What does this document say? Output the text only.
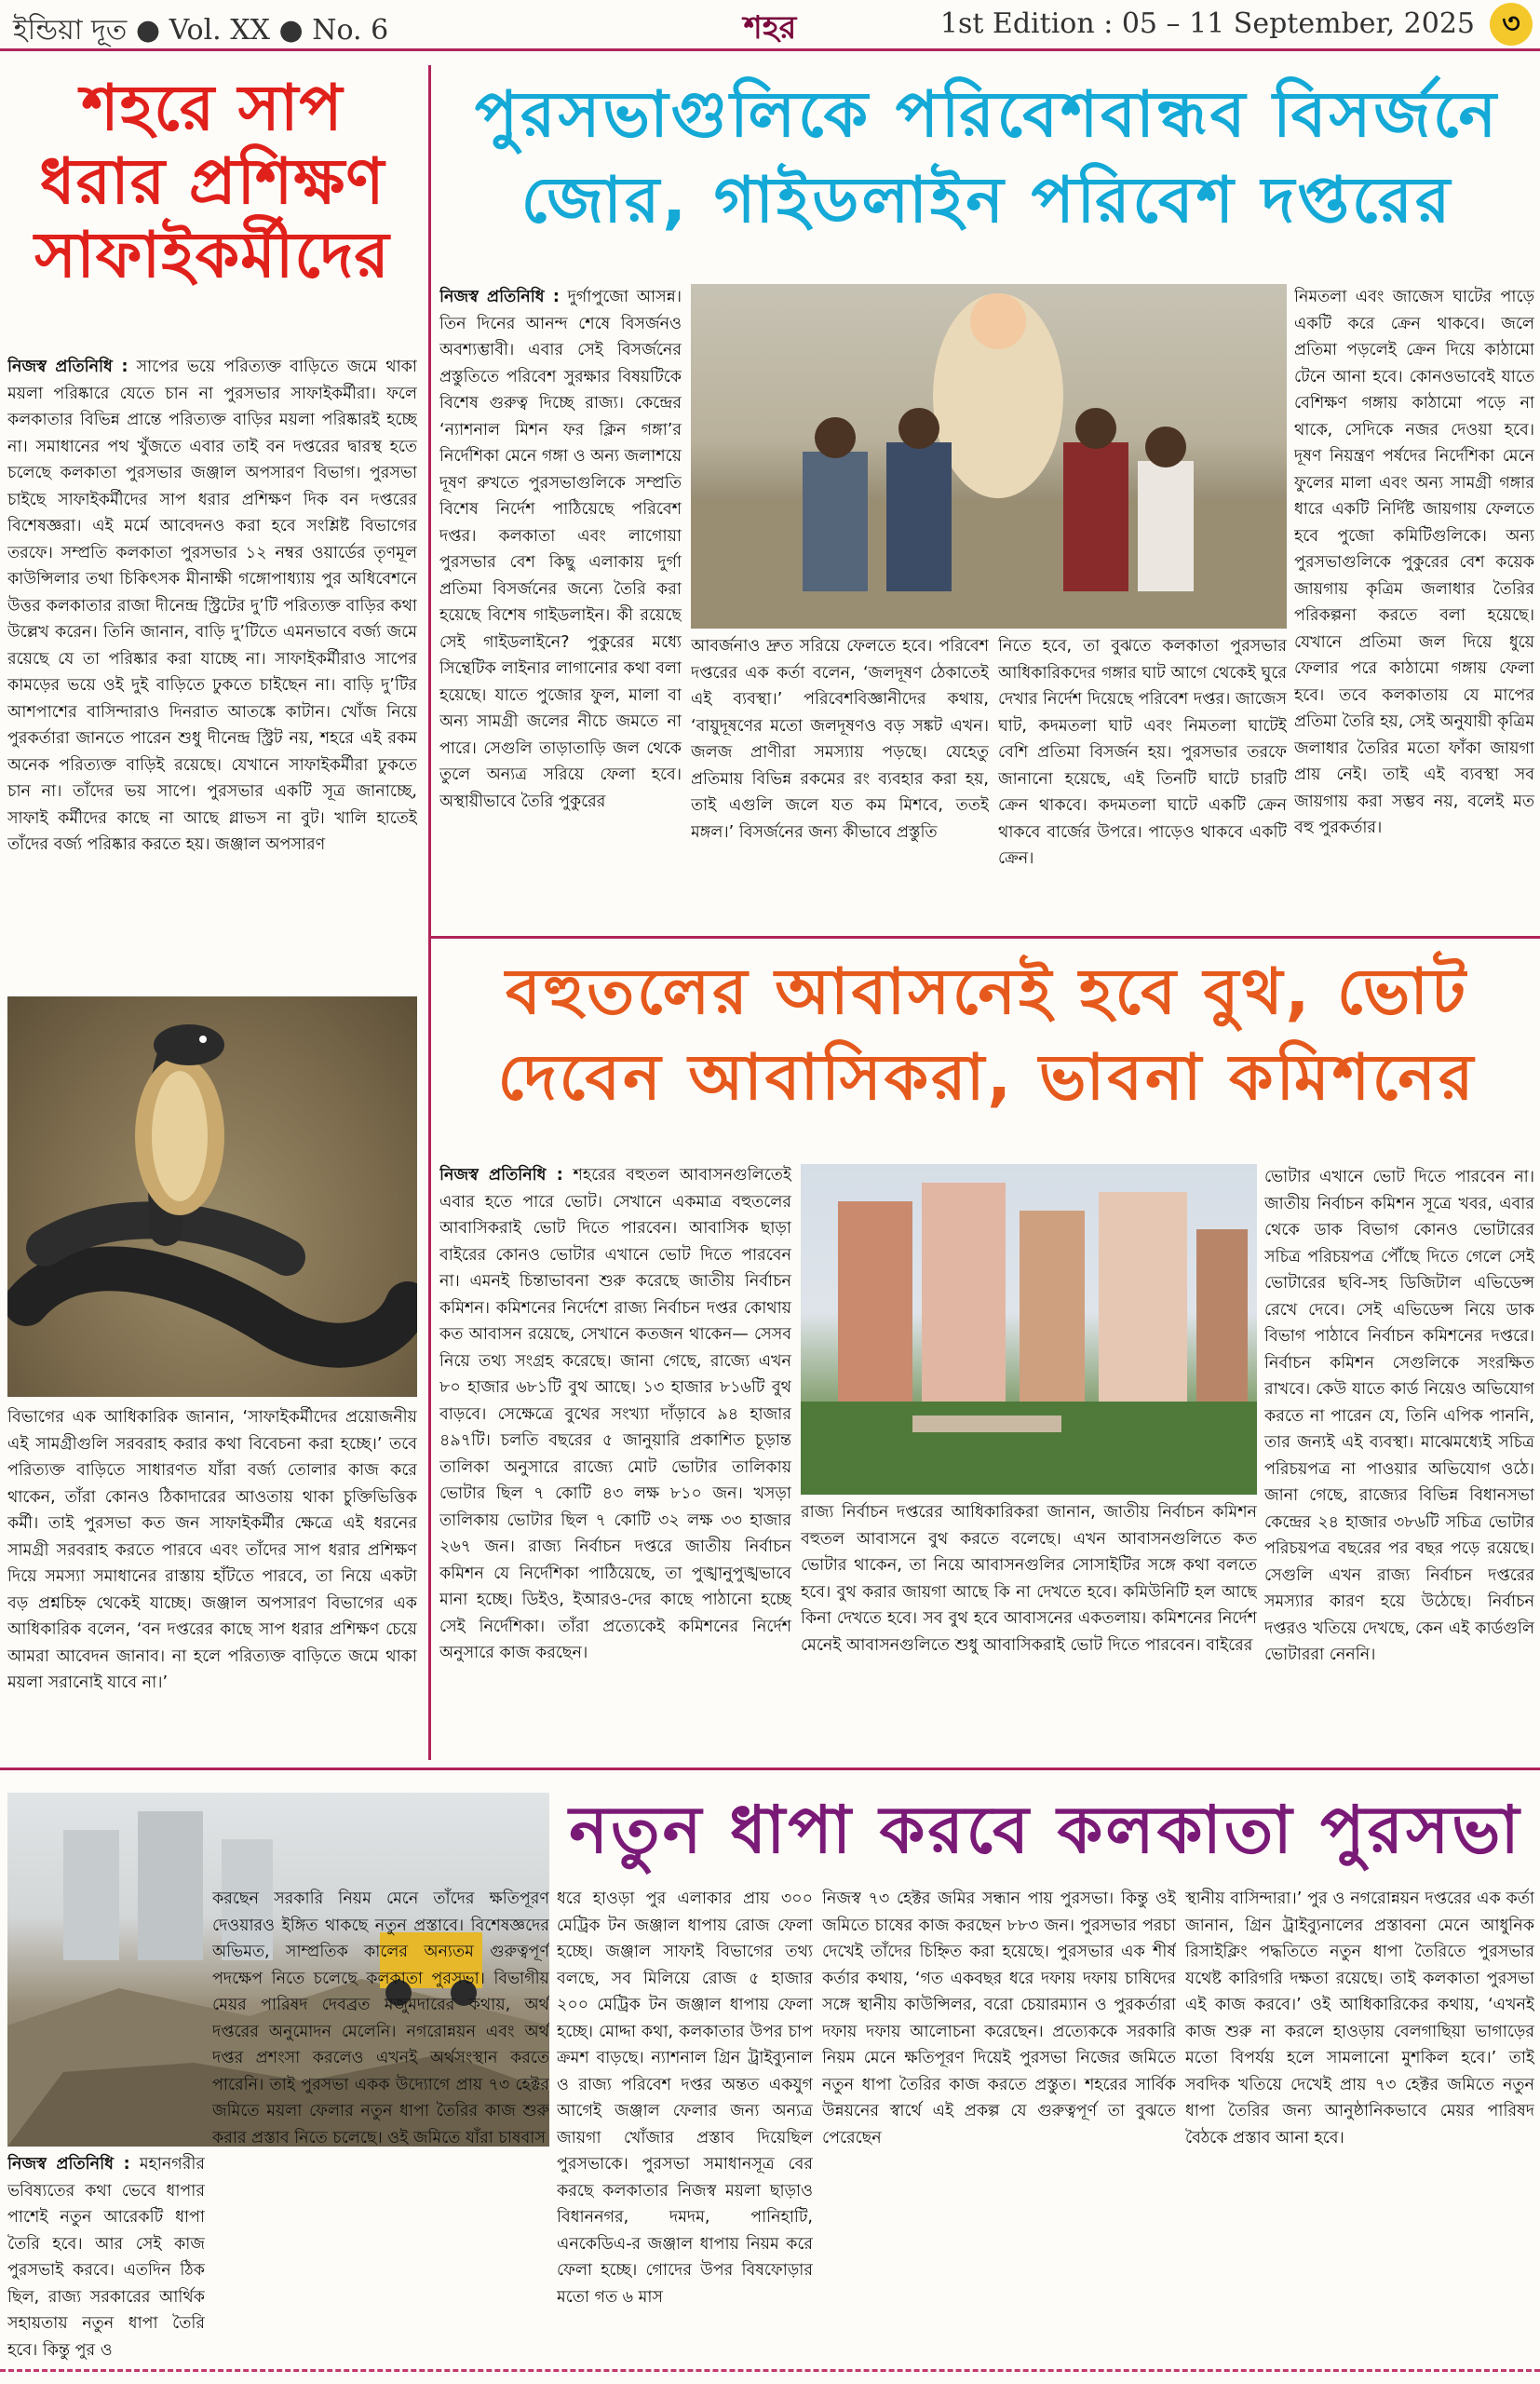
ইন্ডিয়া দূত ● Vol. XX ● No. 6	শহর	1st Edition : 05 – 11 September, 2025 ৩
শহরে সাপ ধরার প্রশিক্ষণ সাফাইকর্মীদের
নিজস্ব প্রতিনিধি : সাপের ভয়ে পরিত্যক্ত বাড়িতে জমে থাকা ময়লা পরিষ্কারে যেতে চান না পুরসভার সাফাইকর্মীরা। ফলে কলকাতার বিভিন্ন প্রান্তে পরিত্যক্ত বাড়ির ময়লা পরিষ্কারই হচ্ছে না। সমাধানের পথ খুঁজতে এবার তাই বন দপ্তরের দ্বারস্থ হতে চলেছে কলকাতা পুরসভার জঞ্জাল অপসারণ বিভাগ। পুরসভা চাইছে সাফাইকর্মীদের সাপ ধরার প্রশিক্ষণ দিক বন দপ্তরের বিশেষজ্ঞরা। এই মর্মে আবেদনও করা হবে সংশ্লিষ্ট বিভাগের তরফে। সম্প্রতি কলকাতা পুরসভার ১২ নম্বর ওয়ার্ডের তৃণমূল কাউন্সিলার তথা চিকিৎসক মীনাক্ষী গঙ্গোপাধ্যায় পুর অধিবেশনে উত্তর কলকাতার রাজা দীনেন্দ্র স্ট্রিটের দু’টি পরিত্যক্ত বাড়ির কথা উল্লেখ করেন। তিনি জানান, বাড়ি দু’টিতে এমনভাবে বর্জ্য জমে রয়েছে যে তা পরিষ্কার করা যাচ্ছে না। সাফাইকর্মীরাও সাপের কামড়ের ভয়ে ওই দুই বাড়িতে ঢুকতে চাইছেন না। বাড়ি দু’টির আশপাশের বাসিন্দারাও দিনরাত আতঙ্কে কাটান। খোঁজ নিয়ে পুরকর্তারা জানতে পারেন শুধু দীনেন্দ্র স্ট্রিট নয়, শহরে এই রকম অনেক পরিত্যক্ত বাড়িই রয়েছে। যেখানে সাফাইকর্মীরা ঢুকতে চান না। তাঁদের ভয় সাপে। পুরসভার একটি সূত্র জানাচ্ছে, সাফাই কর্মীদের কাছে না আছে গ্লাভস না বুট। খালি হাতেই তাঁদের বর্জ্য পরিষ্কার করতে হয়। জঞ্জাল অপসারণ
বিভাগের এক আধিকারিক জানান, ‘সাফাইকর্মীদের প্রয়োজনীয় এই সামগ্রীগুলি সরবরাহ করার কথা বিবেচনা করা হচ্ছে।’ তবে পরিত্যক্ত বাড়িতে সাধারণত যাঁরা বর্জ্য তোলার কাজ করে থাকেন, তাঁরা কোনও ঠিকাদারের আওতায় থাকা চুক্তিভিত্তিক কর্মী। তাই পুরসভা কত জন সাফাইকর্মীর ক্ষেত্রে এই ধরনের সামগ্রী সরবরাহ করতে পারবে এবং তাঁদের সাপ ধরার প্রশিক্ষণ দিয়ে সমস্যা সমাধানের রাস্তায় হাঁটতে পারবে, তা নিয়ে একটা বড় প্রশ্নচিহ্ন থেকেই যাচ্ছে। জঞ্জাল অপসারণ বিভাগের এক আধিকারিক বলেন, ‘বন দপ্তরের কাছে সাপ ধরার প্রশিক্ষণ চেয়ে আমরা আবেদন জানাব। না হলে পরিত্যক্ত বাড়িতে জমে থাকা ময়লা সরানোই যাবে না।’
পুরসভাগুলিকে পরিবেশবান্ধব বিসর্জনে জোর, গাইডলাইন পরিবেশ দপ্তরের
নিজস্ব প্রতিনিধি : দুর্গাপুজো আসন্ন। তিন দিনের আনন্দ শেষে বিসর্জনও অবশ্যম্ভাবী। এবার সেই বিসর্জনের প্রস্তুতিতে পরিবেশ সুরক্ষার বিষয়টিকে বিশেষ গুরুত্ব দিচ্ছে রাজ্য। কেন্দ্রের ‘ন্যাশনাল মিশন ফর ক্লিন গঙ্গা’র নির্দেশিকা মেনে গঙ্গা ও অন্য জলাশয়ে দূষণ রুখতে পুরসভাগুলিকে সম্প্রতি বিশেষ নির্দেশ পাঠিয়েছে পরিবেশ দপ্তর। কলকাতা এবং লাগোয়া পুরসভার বেশ কিছু এলাকায় দুর্গা প্রতিমা বিসর্জনের জন্যে তৈরি করা হয়েছে বিশেষ গাইডলাইন। কী রয়েছে সেই গাইডলাইনে? পুকুরের মধ্যে সিন্থেটিক লাইনার লাগানোর কথা বলা হয়েছে। যাতে পুজোর ফুল, মালা বা অন্য সামগ্রী জলের নীচে জমতে না পারে। সেগুলি তাড়াতাড়ি জল থেকে তুলে অন্যত্র সরিয়ে ফেলা হবে। অস্থায়ীভাবে তৈরি পুকুরের
আবর্জনাও দ্রুত সরিয়ে ফেলতে হবে। পরিবেশ দপ্তরের এক কর্তা বলেন, ‘জলদূষণ ঠেকাতেই এই ব্যবস্থা।’ পরিবেশবিজ্ঞানীদের কথায়, ‘বায়ুদূষণের মতো জলদূষণও বড় সঙ্কট এখন। জলজ প্রাণীরা সমস্যায় পড়ছে। যেহেতু প্রতিমায় বিভিন্ন রকমের রং ব্যবহার করা হয়, তাই এগুলি জলে যত কম মিশবে, ততই মঙ্গল।’ বিসর্জনের জন্য কীভাবে প্রস্তুতি
নিতে হবে, তা বুঝতে কলকাতা পুরসভার আধিকারিকদের গঙ্গার ঘাট আগে থেকেই ঘুরে দেখার নির্দেশ দিয়েছে পরিবেশ দপ্তর। জাজেস ঘাট, কদমতলা ঘাট এবং নিমতলা ঘাটেই বেশি প্রতিমা বিসর্জন হয়। পুরসভার তরফে জানানো হয়েছে, এই তিনটি ঘাটে চারটি ক্রেন থাকবে। কদমতলা ঘাটে একটি ক্রেন থাকবে বার্জের উপরে। পাড়েও থাকবে একটি ক্রেন।
নিমতলা এবং জাজেস ঘাটের পাড়ে একটি করে ক্রেন থাকবে। জলে প্রতিমা পড়লেই ক্রেন দিয়ে কাঠামো টেনে আনা হবে। কোনওভাবেই যাতে বেশিক্ষণ গঙ্গায় কাঠামো পড়ে না থাকে, সেদিকে নজর দেওয়া হবে। দূষণ নিয়ন্ত্রণ পর্ষদের নির্দেশিকা মেনে ফুলের মালা এবং অন্য সামগ্রী গঙ্গার ধারে একটি নির্দিষ্ট জায়গায় ফেলতে হবে পুজো কমিটিগুলিকে। অন্য পুরসভাগুলিকে পুকুরের বেশ কয়েক জায়গায় কৃত্রিম জলাধার তৈরির পরিকল্পনা করতে বলা হয়েছে। যেখানে প্রতিমা জল দিয়ে ধুয়ে ফেলার পরে কাঠামো গঙ্গায় ফেলা হবে। তবে কলকাতায় যে মাপের প্রতিমা তৈরি হয়, সেই অনুযায়ী কৃত্রিম জলাধার তৈরির মতো ফাঁকা জায়গা প্রায় নেই। তাই এই ব্যবস্থা সব জায়গায় করা সম্ভব নয়, বলেই মত বহু পুরকর্তার।
বহুতলের আবাসনেই হবে বুথ, ভোট দেবেন আবাসিকরা, ভাবনা কমিশনের
নিজস্ব প্রতিনিধি : শহরের বহুতল আবাসনগুলিতেই এবার হতে পারে ভোট। সেখানে একমাত্র বহুতলের আবাসিকরাই ভোট দিতে পারবেন। আবাসিক ছাড়া বাইরের কোনও ভোটার এখানে ভোট দিতে পারবেন না। এমনই চিন্তাভাবনা শুরু করেছে জাতীয় নির্বাচন কমিশন। কমিশনের নির্দেশে রাজ্য নির্বাচন দপ্তর কোথায় কত আবাসন রয়েছে, সেখানে কতজন থাকেন— সেসব নিয়ে তথ্য সংগ্রহ করেছে। জানা গেছে, রাজ্যে এখন ৮০ হাজার ৬৮১টি বুথ আছে। ১৩ হাজার ৮১৬টি বুথ বাড়বে। সেক্ষেত্রে বুথের সংখ্যা দাঁড়াবে ৯৪ হাজার ৪৯৭টি। চলতি বছরের ৫ জানুয়ারি প্রকাশিত চূড়ান্ত তালিকা অনুসারে রাজ্যে মোট ভোটার তালিকায় ভোটার ছিল ৭ কোটি ৪৩ লক্ষ ৮১০ জন। খসড়া তালিকায় ভোটার ছিল ৭ কোটি ৩২ লক্ষ ৩৩ হাজার ২৬৭ জন। রাজ্য নির্বাচন দপ্তরে জাতীয় নির্বাচন কমিশন যে নির্দেশিকা পাঠিয়েছে, তা পুঙ্খানুপুঙ্খভাবে মানা হচ্ছে। ডিইও, ইআরও-দের কাছে পাঠানো হচ্ছে সেই নির্দেশিকা। তাঁরা প্রত্যেকেই কমিশনের নির্দেশ অনুসারে কাজ করছেন।
রাজ্য নির্বাচন দপ্তরের আধিকারিকরা জানান, জাতীয় নির্বাচন কমিশন বহুতল আবাসনে বুথ করতে বলেছে। এখন আবাসনগুলিতে কত ভোটার থাকেন, তা নিয়ে আবাসনগুলির সোসাইটির সঙ্গে কথা বলতে হবে। বুথ করার জায়গা আছে কি না দেখতে হবে। কমিউনিটি হল আছে কিনা দেখতে হবে। সব বুথ হবে আবাসনের একতলায়। কমিশনের নির্দেশ মেনেই আবাসনগুলিতে শুধু আবাসিকরাই ভোট দিতে পারবেন। বাইরের
ভোটার এখানে ভোট দিতে পারবেন না। জাতীয় নির্বাচন কমিশন সূত্রে খবর, এবার থেকে ডাক বিভাগ কোনও ভোটারের সচিত্র পরিচয়পত্র পৌঁছে দিতে গেলে সেই ভোটারের ছবি-সহ ডিজিটাল এভিডেন্স রেখে দেবে। সেই এভিডেন্স নিয়ে ডাক বিভাগ পাঠাবে নির্বাচন কমিশনের দপ্তরে। নির্বাচন কমিশন সেগুলিকে সংরক্ষিত রাখবে। কেউ যাতে কার্ড নিয়েও অভিযোগ করতে না পারেন যে, তিনি এপিক পাননি, তার জন্যই এই ব্যবস্থা। মাঝেমধ্যেই সচিত্র পরিচয়পত্র না পাওয়ার অভিযোগ ওঠে। জানা গেছে, রাজ্যের বিভিন্ন বিধানসভা কেন্দ্রের ২৪ হাজার ৩৮৬টি সচিত্র ভোটার পরিচয়পত্র বছরের পর বছর পড়ে রয়েছে। সেগুলি এখন রাজ্য নির্বাচন দপ্তরের সমস্যার কারণ হয়ে উঠেছে। নির্বাচন দপ্তরও খতিয়ে দেখছে, কেন এই কার্ডগুলি ভোটাররা নেননি।
নিজস্ব প্রতিনিধি : মহানগরীর ভবিষ্যতের কথা ভেবে ধাপার পাশেই নতুন আরেকটি ধাপা তৈরি হবে। আর সেই কাজ পুরসভাই করবে। এতদিন ঠিক ছিল, রাজ্য সরকারের আর্থিক সহায়তায় নতুন ধাপা তৈরি হবে। কিন্তু পুর ও
নতুন ধাপা করবে কলকাতা পুরসভা
করছেন সরকারি নিয়ম মেনে তাঁদের ক্ষতিপূরণ দেওয়ারও ইঙ্গিত থাকছে নতুন প্রস্তাবে। বিশেষজ্ঞদের অভিমত, সাম্প্রতিক কালের অন্যতম গুরুত্বপূর্ণ পদক্ষেপ নিতে চলেছে কলকাতা পুরসভা। বিভাগীয় মেয়র পারিষদ দেবব্রত মজুমদারের কথায়, অর্থ দপ্তরের অনুমোদন মেলেনি। নগরোন্নয়ন এবং অর্থ দপ্তর প্রশংসা করলেও এখনই অর্থসংস্থান করতে পারেনি। তাই পুরসভা একক উদ্যোগে প্রায় ৭৩ হেক্টর জমিতে ময়লা ফেলার নতুন ধাপা তৈরির কাজ শুরু করার প্রস্তাব নিতে চলেছে। ওই জমিতে যাঁরা চাষবাস
ধরে হাওড়া পুর এলাকার প্রায় ৩০০ মেট্রিক টন জঞ্জাল ধাপায় রোজ ফেলা হচ্ছে। জঞ্জাল সাফাই বিভাগের তথ্য বলছে, সব মিলিয়ে রোজ ৫ হাজার ২০০ মেট্রিক টন জঞ্জাল ধাপায় ফেলা হচ্ছে। মোদ্দা কথা, কলকাতার উপর চাপ ক্রমশ বাড়ছে। ন্যাশনাল গ্রিন ট্রাইব্যুনাল ও রাজ্য পরিবেশ দপ্তর অন্তত একযুগ আগেই জঞ্জাল ফেলার জন্য অন্যত্র জায়গা খোঁজার প্রস্তাব দিয়েছিল পুরসভাকে। পুরসভা সমাধানসূত্র বের করছে কলকাতার নিজস্ব ময়লা ছাড়াও বিধাননগর, দমদম, পানিহাটি, এনকেডিএ-র জঞ্জাল ধাপায় নিয়ম করে ফেলা হচ্ছে। গোদের উপর বিষফোড়ার মতো গত ৬ মাস
নিজস্ব ৭৩ হেক্টর জমির সন্ধান পায় পুরসভা। কিন্তু ওই জমিতে চাষের কাজ করছেন ৮৮৩ জন। পুরসভার পরচা দেখেই তাঁদের চিহ্নিত করা হয়েছে। পুরসভার এক শীর্ষ কর্তার কথায়, ‘গত একবছর ধরে দফায় দফায় চাষিদের সঙ্গে স্থানীয় কাউন্সিলর, বরো চেয়ারম্যান ও পুরকর্তারা দফায় দফায় আলোচনা করেছেন। প্রত্যেককে সরকারি নিয়ম মেনে ক্ষতিপূরণ দিয়েই পুরসভা নিজের জমিতে নতুন ধাপা তৈরির কাজ করতে প্রস্তুত। শহরের সার্বিক উন্নয়নের স্বার্থে এই প্রকল্প যে গুরুত্বপূর্ণ তা বুঝতে পেরেছেন
স্থানীয় বাসিন্দারা।’ পুর ও নগরোন্নয়ন দপ্তরের এক কর্তা জানান, গ্রিন ট্রাইব্যুনালের প্রস্তাবনা মেনে আধুনিক রিসাইক্লিং পদ্ধতিতে নতুন ধাপা তৈরিতে পুরসভার যথেষ্ট কারিগরি দক্ষতা রয়েছে। তাই কলকাতা পুরসভা এই কাজ করবে।’ ওই আধিকারিকের কথায়, ‘এখনই কাজ শুরু না করলে হাওড়ায় বেলগাছিয়া ভাগাড়ের মতো বিপর্যয় হলে সামলানো মুশকিল হবে।’ তাই সবদিক খতিয়ে দেখেই প্রায় ৭৩ হেক্টর জমিতে নতুন ধাপা তৈরির জন্য আনুষ্ঠানিকভাবে মেয়র পারিষদ বৈঠকে প্রস্তাব আনা হবে।
